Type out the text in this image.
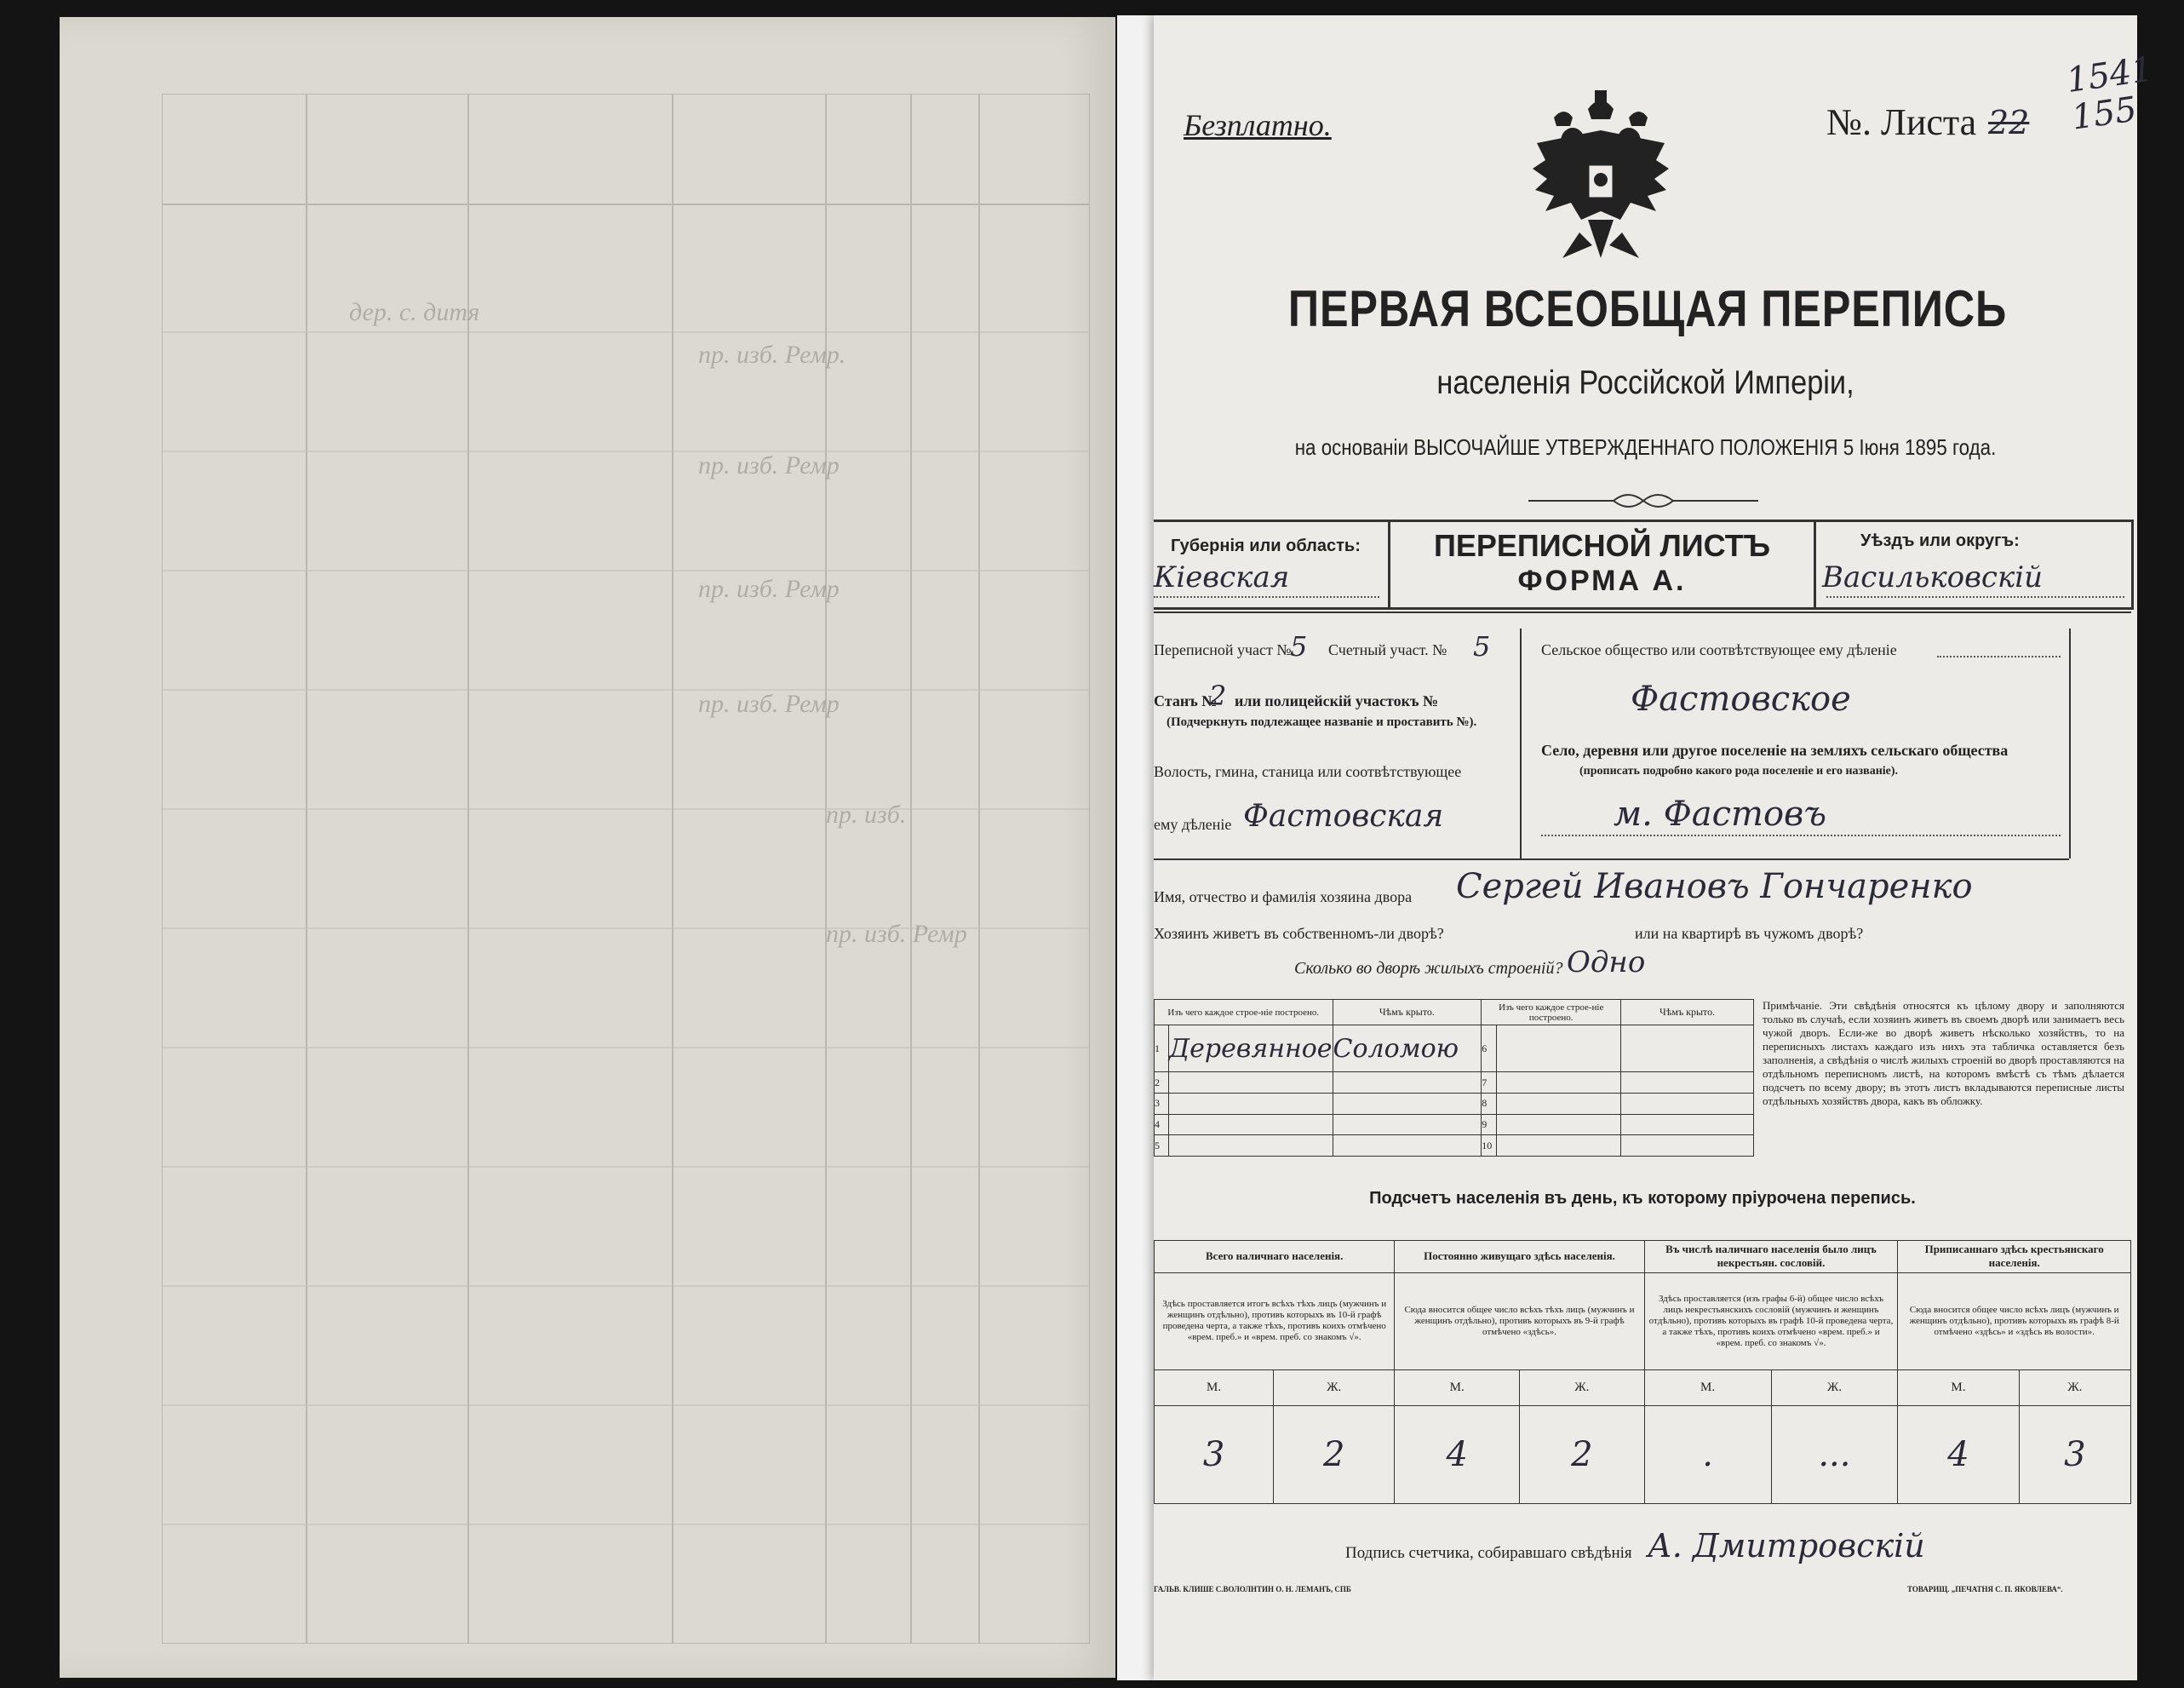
дер. с. дитя
пр. изб. Ремр.
пр. изб. Ремр
пр. изб. Ремр
пр. изб. Ремр
пр. изб.
пр. изб. Ремр
Безплатно.	№. Листа 22
1541
155
ПЕРВАЯ ВСЕОБЩАЯ ПЕРЕПИСЬ
населенія Россійской Имперіи,
на основаніи ВЫСОЧАЙШЕ УТВЕРЖДЕННАГО ПОЛОЖЕНІЯ 5 Іюня 1895 года.
Губернія или область:
Кіевская
ПЕРЕПИСНОЙ ЛИСТЪ
ФОРМА А.
Уѣздъ или округъ:
Васильковскій
Переписной участ №
5 Счетный участ. № 5
Станъ №
2 или полицейскій участокъ №
(Подчеркнуть подлежащее названіе и проставить №).
Волость, гмина, станица или соотвѣтствующее
ему дѣленіе Фастовская
Сельское общество или соотвѣтствующее ему дѣленіе
Фастовское
Село, деревня или другое поселеніе на земляхъ сельскаго общества
(прописать подробно какого рода поселеніе и его названіе).
м. Фастовъ
Имя, отчество и фамилія хозяина двора Сергей Ивановъ Гончаренко
Хозяинъ живетъ въ собственномъ-ли дворѣ?	или на квартирѣ въ чужомъ дворѣ?
Сколько во дворѣ жилыхъ строеній? Одно
Изъ чего каждое строе-ніе построено.		Чѣмъ крыто.	Изъ чего каждое строе-ніе построено.		Чѣмъ крыто.
1	Деревянное	Соломою	6		
2			7		
3			8		
4			9		
5			10		
Примѣчаніе. Эти свѣдѣнія относятся къ цѣлому двору и заполняются только въ случаѣ, если хозяинъ живетъ въ своемъ дворѣ или занимаетъ весь чужой дворъ. Если-же во дворѣ живетъ нѣсколько хозяйствъ, то на переписныхъ листахъ каждаго изъ нихъ эта табличка оставляется безъ заполненія, а свѣдѣнія о числѣ жилыхъ строеній во дворѣ проставляются на отдѣльномъ переписномъ листѣ, на которомъ вмѣстѣ съ тѣмъ дѣлается подсчетъ по всему двору; въ этотъ листъ вкладываются переписные листы отдѣльныхъ хозяйствъ двора, какъ въ обложку.
Подсчетъ населенія въ день, къ которому пріурочена перепись.
Всего наличнаго населенія.		Постоянно живущаго здѣсь населенія.		Въ числѣ наличнаго населенія было лицъ некрестьян. сословій.		Приписаннаго здѣсь крестьянскаго населенія.	
Здѣсь проставляется итогъ всѣхъ тѣхъ лицъ (мужчинъ и женщинъ отдѣльно), противъ которыхъ въ 10-й графѣ проведена черта, а также тѣхъ, противъ коихъ отмѣчено «врем. преб.» и «врем. преб. со знакомъ √».		Сюда вносится общее число всѣхъ тѣхъ лицъ (мужчинъ и женщинъ отдѣльно), противъ которыхъ въ 9-й графѣ отмѣчено «здѣсь».		Здѣсь проставляется (изъ графы 6-й) общее число всѣхъ лицъ некрестьянскихъ сословій (мужчинъ и женщинъ отдѣльно), противъ которыхъ въ графѣ 10-й проведена черта, а также тѣхъ, противъ коихъ отмѣчено «врем. преб.» и «врем. преб. со знакомъ √».		Сюда вносится общее число всѣхъ лицъ (мужчинъ и женщинъ отдѣльно), противъ которыхъ въ графѣ 8-й отмѣчено «здѣсь» и «здѣсь въ волости».	
М.	Ж.	М.	Ж.	М.	Ж.	М.	Ж.
3	2	4	2	.	...	4	3
Подпись счетчика, собиравшаго свѣдѣнія А. Дмитровскій
ГАЛЬВ. КЛИШЕ С.ВОЛОЛНТИН О. Н. ЛЕМАНЪ, СПБ	ТОВАРИЩ. „ПЕЧАТНЯ С. П. ЯКОВЛЕВА“.
